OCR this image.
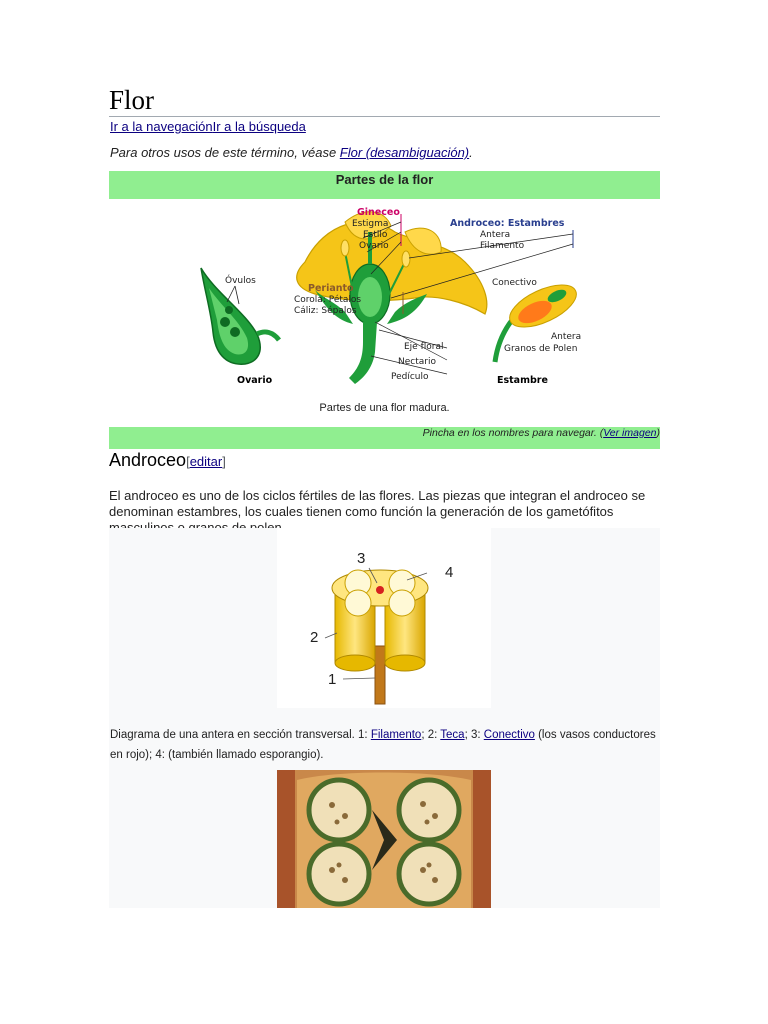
Flor
Ir a la navegaciónIr a la búsqueda
Para otros usos de este término, véase Flor (desambiguación).
Partes de la flor
Gineceo
Estigma
Estilo
Ovario
Óvulos
Perianto
Corola: Pétalos
Cáliz: Sépalos
Androceo: Estambres
Antera
Filamento
Conectivo
Antera
Granos de Polen
Eje floral
Nectario
Pedículo
Ovario	Estambre
Partes de una flor madura.
Pincha en los nombres para navegar. (Ver imagen)
Androceo[editar]

El androceo es uno de los ciclos fértiles de las flores. Las piezas que integran el androceo se denominan estambres, los cuales tienen como función la generación de los gametófitos

3
4
2
1
Diagrama de una antera en sección transversal. 1: Filamento; 2: Teca; 3: Conectivo (los vasos conductores en rojo); 4: (también llamado esporangio).
